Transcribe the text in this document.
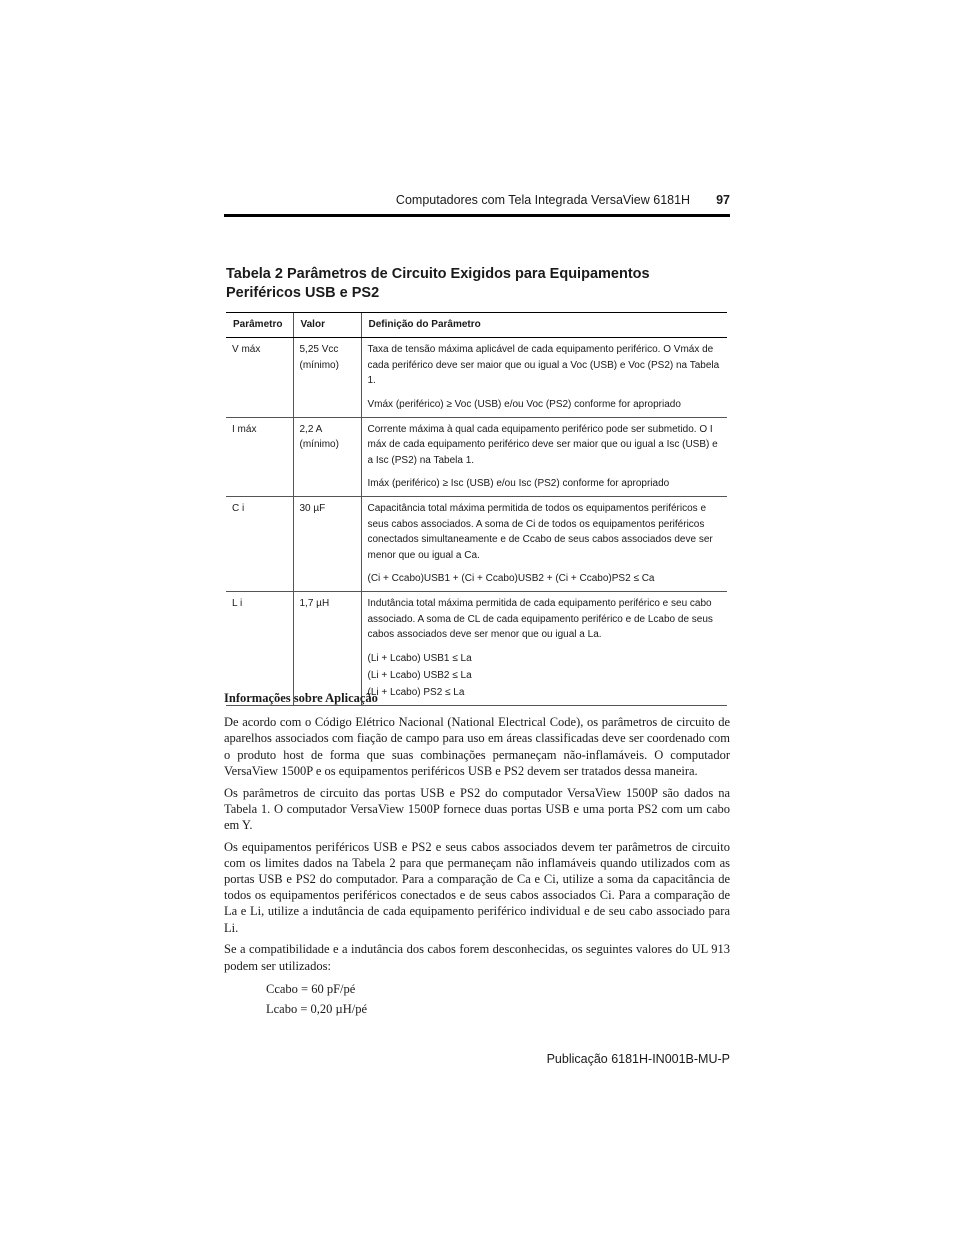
Computadores com Tela Integrada VersaView 6181H 97
Tabela 2 Parâmetros de Circuito Exigidos para Equipamentos Periféricos USB e PS2
Parâmetro	Valor	Definição do Parâmetro
V máx	5,25 Vcc (mínimo)	Taxa de tensão máxima aplicável de cada equipamento periférico. O Vmáx de cada periférico deve ser maior que ou igual a Voc (USB) e Voc (PS2) na Tabela 1.
Vmáx (periférico) ≥ Voc (USB) e/ou Voc (PS2) conforme for apropriado

I máx	2,2 A (mínimo)	Corrente máxima à qual cada equipamento periférico pode ser submetido. O I máx de cada equipamento periférico deve ser maior que ou igual a Isc (USB) e a Isc (PS2) na Tabela 1.
Imáx (periférico) ≥ Isc (USB) e/ou Isc (PS2) conforme for apropriado

C i	30 µF	Capacitância total máxima permitida de todos os equipamentos periféricos e seus cabos associados. A soma de Ci de todos os equipamentos periféricos conectados simultaneamente e de Ccabo de seus cabos associados deve ser menor que ou igual a Ca.
(Ci + Ccabo)USB1 + (Ci + Ccabo)USB2 + (Ci + Ccabo)PS2 ≤ Ca

L i	1,7 µH	Indutância total máxima permitida de cada equipamento periférico e seu cabo associado. A soma de CL de cada equipamento periférico e de Lcabo de seus cabos associados deve ser menor que ou igual a La.
(Li + Lcabo) USB1 ≤ La
(Li + Lcabo) USB2 ≤ La
(Li + Lcabo) PS2 ≤ La
Informações sobre Aplicação

De acordo com o Código Elétrico Nacional (National Electrical Code), os parâmetros de circuito de aparelhos associados com fiação de campo para uso em áreas classificadas deve ser coordenado com o produto host de forma que suas combinações permaneçam não-inflamáveis. O computador VersaView 1500P e os equipamentos periféricos USB e PS2 devem ser tratados dessa maneira.

Os parâmetros de circuito das portas USB e PS2 do computador VersaView 1500P são dados na Tabela 1. O computador VersaView 1500P fornece duas portas USB e uma porta PS2 com um cabo em Y.

Os equipamentos periféricos USB e PS2 e seus cabos associados devem ter parâmetros de circuito com os limites dados na Tabela 2 para que permaneçam não inflamáveis quando utilizados com as portas USB e PS2 do computador. Para a comparação de Ca e Ci, utilize a soma da capacitância de todos os equipamentos periféricos conectados e de seus cabos associados Ci. Para a comparação de La e Li, utilize a indutância de cada equipamento periférico individual e de seu cabo associado para Li.

Se a compatibilidade e a indutância dos cabos forem desconhecidas, os seguintes valores do UL 913 podem ser utilizados:

Ccabo = 60 pF/pé
Lcabo = 0,20 µH/pé
Publicação 6181H-IN001B-MU-P
